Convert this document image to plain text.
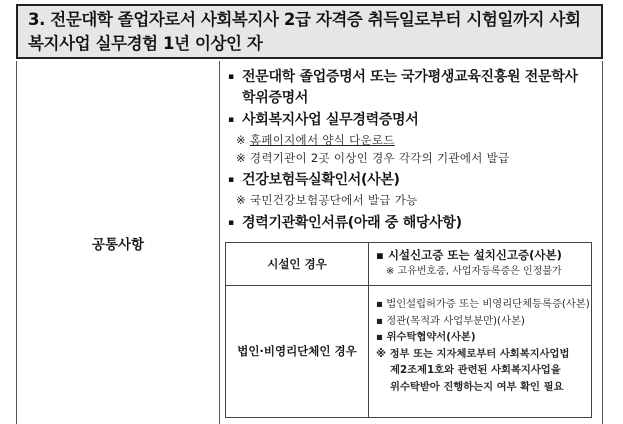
3. 전문대학 졸업자로서 사회복지사 2급 자격증 취득일로부터 시험일까지 사회
복지사업 실무경험 1년 이상인 자
공통사항
▪ 전문대학 졸업증명서 또는 국가평생교육진흥원 전문학사
학위증명서
▪ 사회복지사업 실무경력증명서
※ 홈페이지에서 양식 다운로드
※ 경력기관이 2곳 이상인 경우 각각의 기관에서 발급
▪ 건강보험득실확인서(사본)
※ 국민건강보험공단에서 발급 가능
▪ 경력기관확인서류(아래 중 해당사항)
시설인 경우
▪ 시설신고증 또는 설치신고증(사본)
※ 고유번호증, 사업자등록증은 인정불가
법인·비영리단체인 경우
▪ 법인설립허가증 또는 비영리단체등록증(사본)
▪ 정관(목적과 사업부분만)(사본)
▪ 위수탁협약서(사본)
※ 정부 또는 지자체로부터 사회복지사업법
제2조제1호와 관련된 사회복지사업을
위수탁받아 진행하는지 여부 확인 필요
